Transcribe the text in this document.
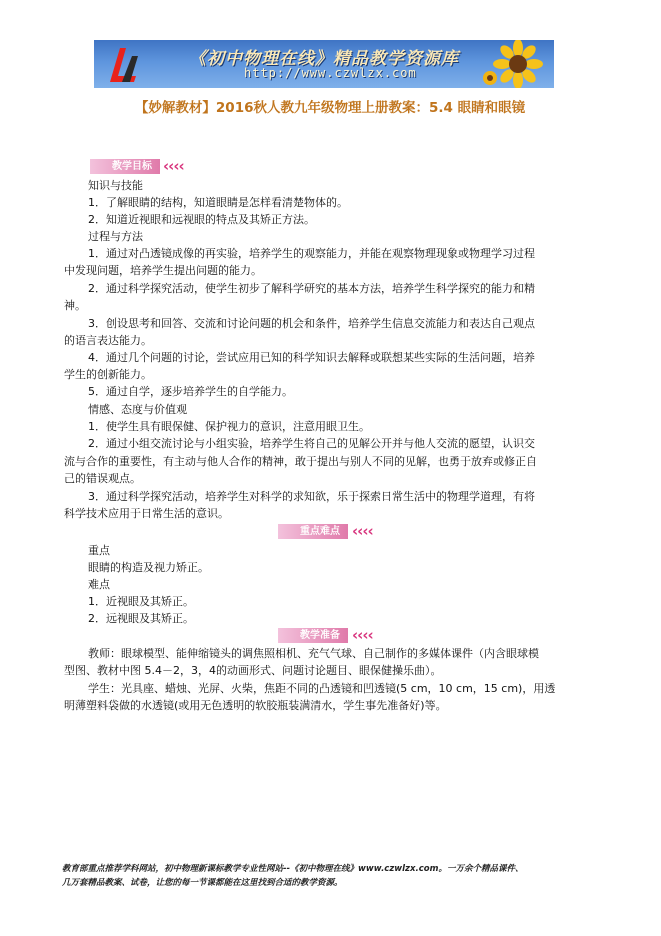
《初中物理在线》精品教学资源库
http://www.czwlzx.com
【妙解教材】2016秋人教九年级物理上册教案：5.4 眼睛和眼镜
教学目标 ‹‹‹‹
知识与技能
1．了解眼睛的结构，知道眼睛是怎样看清楚物体的。
2．知道近视眼和远视眼的特点及其矫正方法。
过程与方法
1．通过对凸透镜成像的再实验，培养学生的观察能力，并能在观察物理现象或物理学习过程
中发现问题，培养学生提出问题的能力。
2．通过科学探究活动，使学生初步了解科学研究的基本方法，培养学生科学探究的能力和精
神。
3．创设思考和回答、交流和讨论问题的机会和条件，培养学生信息交流能力和表达自己观点
的语言表达能力。
4．通过几个问题的讨论，尝试应用已知的科学知识去解释或联想某些实际的生活问题，培养
学生的创新能力。
5．通过自学，逐步培养学生的自学能力。
情感、态度与价值观
1．使学生具有眼保健、保护视力的意识，注意用眼卫生。
2．通过小组交流讨论与小组实验，培养学生将自己的见解公开并与他人交流的愿望，认识交
流与合作的重要性，有主动与他人合作的精神，敢于提出与别人不同的见解，也勇于放弃或修正自
己的错误观点。
3．通过科学探究活动，培养学生对科学的求知欲，乐于探索日常生活中的物理学道理，有将
科学技术应用于日常生活的意识。
重点难点 ‹‹‹‹
重点
眼睛的构造及视力矫正。
难点
1．近视眼及其矫正。
2．远视眼及其矫正。
教学准备 ‹‹‹‹
教师：眼球模型、能伸缩镜头的调焦照相机、充气气球、自己制作的多媒体课件（内含眼球模
型图、教材中图 5.4－2，3，4的动画形式、问题讨论题目、眼保健操乐曲）。
学生：光具座、蜡烛、光屏、火柴，焦距不同的凸透镜和凹透镜(5 cm，10 cm，15 cm)，用透
明薄塑料袋做的水透镜(或用无色透明的软胶瓶装满清水，学生事先准备好)等。
教育部重点推荐学科网站，初中物理新课标教学专业性网站--《初中物理在线》www.czwlzx.com。一万余个精品课件、
几万套精品教案、试卷，让您的每一节课都能在这里找到合适的教学资源。
